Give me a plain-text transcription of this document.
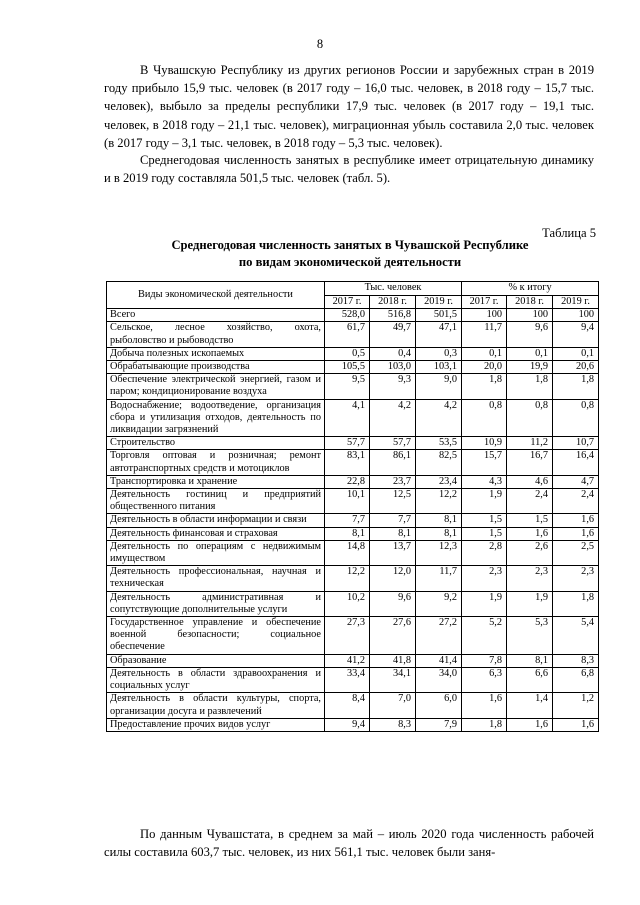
8

В Чувашскую Республику из других регионов России и зарубежных стран в 2019 году прибыло 15,9 тыс. человек (в 2017 году – 16,0 тыс. человек, в 2018 году – 15,7 тыс. человек), выбыло за пределы республики 17,9 тыс. человек (в 2017 году – 19,1 тыс. человек, в 2018 году – 21,1 тыс. человек), миграционная убыль составила 2,0 тыс. человек (в 2017 году – 3,1 тыс. человек, в 2018 году – 5,3 тыс. человек).

Среднегодовая численность занятых в республике имеет отрицательную динамику и в 2019 году составляла 501,5 тыс. человек (табл. 5).

Таблица 5
Среднегодовая численность занятых в Чувашской Республике
по видам экономической деятельности
Виды экономической деятельности	Тыс. человек			% к итогу		
	2017 г.	2018 г.	2019 г.	2017 г.	2018 г.	2019 г.
Всего	528,0	516,8	501,5	100	100	100
Сельское, лесное хозяйство, охота, рыболовство и рыбоводство	61,7	49,7	47,1	11,7	9,6	9,4
Добыча полезных ископаемых	0,5	0,4	0,3	0,1	0,1	0,1
Обрабатывающие производства	105,5	103,0	103,1	20,0	19,9	20,6
Обеспечение электрической энергией, газом и паром; кондиционирование воздуха	9,5	9,3	9,0	1,8	1,8	1,8
Водоснабжение; водоотведение, организация сбора и утилизация отходов, деятельность по ликвидации загрязнений	4,1	4,2	4,2	0,8	0,8	0,8
Строительство	57,7	57,7	53,5	10,9	11,2	10,7
Торговля оптовая и розничная; ремонт автотранспортных средств и мотоциклов	83,1	86,1	82,5	15,7	16,7	16,4
Транспортировка и хранение	22,8	23,7	23,4	4,3	4,6	4,7
Деятельность гостиниц и предприятий общественного питания	10,1	12,5	12,2	1,9	2,4	2,4
Деятельность в области информации и связи	7,7	7,7	8,1	1,5	1,5	1,6
Деятельность финансовая и страховая	8,1	8,1	8,1	1,5	1,6	1,6
Деятельность по операциям с недвижимым имуществом	14,8	13,7	12,3	2,8	2,6	2,5
Деятельность профессиональная, научная и техническая	12,2	12,0	11,7	2,3	2,3	2,3
Деятельность административная и сопутствующие дополнительные услуги	10,2	9,6	9,2	1,9	1,9	1,8
Государственное управление и обеспечение военной безопасности; социальное обеспечение	27,3	27,6	27,2	5,2	5,3	5,4
Образование	41,2	41,8	41,4	7,8	8,1	8,3
Деятельность в области здравоохранения и социальных услуг	33,4	34,1	34,0	6,3	6,6	6,8
Деятельность в области культуры, спорта, организации досуга и развлечений	8,4	7,0	6,0	1,6	1,4	1,2
Предоставление прочих видов услуг	9,4	8,3	7,9	1,8	1,6	1,6

По данным Чувашстата, в среднем за май – июль 2020 года численность рабочей силы составила 603,7 тыс. человек, из них 561,1 тыс. человек были заня-
